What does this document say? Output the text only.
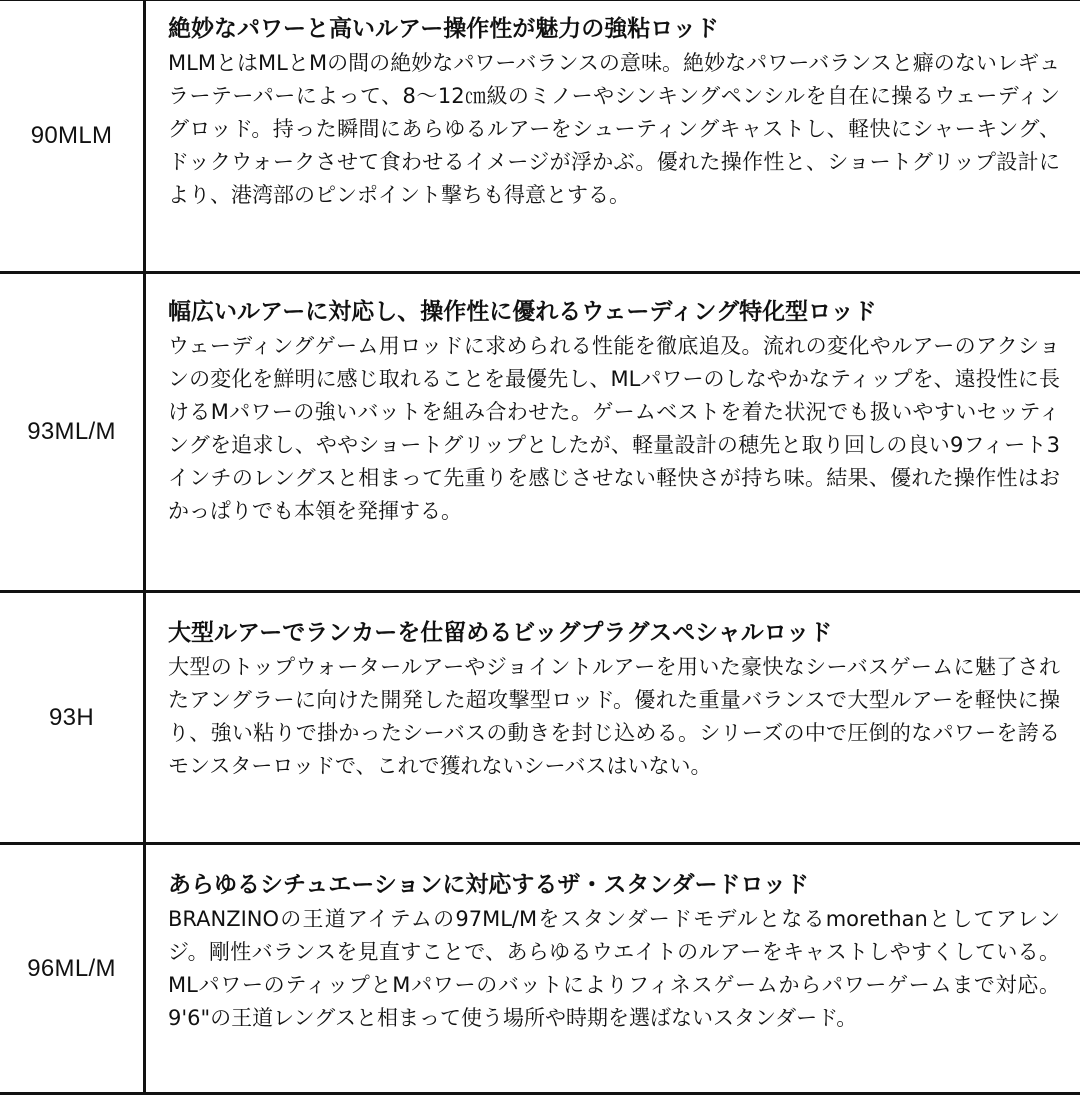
90MLM

絶妙なパワーと高いルアー操作性が魅力の強粘ロッド

MLMとはMLとMの間の絶妙なパワーバランスの意味。絶妙なパワーバランスと癖のないレギュラーテーパーによって、8〜12㎝級のミノーやシンキングペンシルを自在に操るウェーディングロッド。持った瞬間にあらゆるルアーをシューティングキャストし、軽快にシャーキング、ドックウォークさせて食わせるイメージが浮かぶ。優れた操作性と、ショートグリップ設計により、港湾部のピンポイント撃ちも得意とする。

93ML/M

幅広いルアーに対応し、操作性に優れるウェーディング特化型ロッド

ウェーディングゲーム用ロッドに求められる性能を徹底追及。流れの変化やルアーのアクションの変化を鮮明に感じ取れることを最優先し、MLパワーのしなやかなティップを、遠投性に長けるMパワーの強いバットを組み合わせた。ゲームベストを着た状況でも扱いやすいセッティングを追求し、ややショートグリップとしたが、軽量設計の穂先と取り回しの良い9フィート3インチのレングスと相まって先重りを感じさせない軽快さが持ち味。結果、優れた操作性はおかっぱりでも本領を発揮する。

93H

大型ルアーでランカーを仕留めるビッグプラグスペシャルロッド

大型のトップウォータールアーやジョイントルアーを用いた豪快なシーバスゲームに魅了されたアングラーに向けた開発した超攻撃型ロッド。優れた重量バランスで大型ルアーを軽快に操り、強い粘りで掛かったシーバスの動きを封じ込める。シリーズの中で圧倒的なパワーを誇るモンスターロッドで、これで獲れないシーバスはいない。

96ML/M

あらゆるシチュエーションに対応するザ・スタンダードロッド

BRANZINOの王道アイテムの97ML/Mをスタンダードモデルとなるmorethanとしてアレンジ。剛性バランスを見直すことで、あらゆるウエイトのルアーをキャストしやすくしている。MLパワーのティップとMパワーのバットによりフィネスゲームからパワーゲームまで対応。9'6"の王道レングスと相まって使う場所や時期を選ばないスタンダード。
